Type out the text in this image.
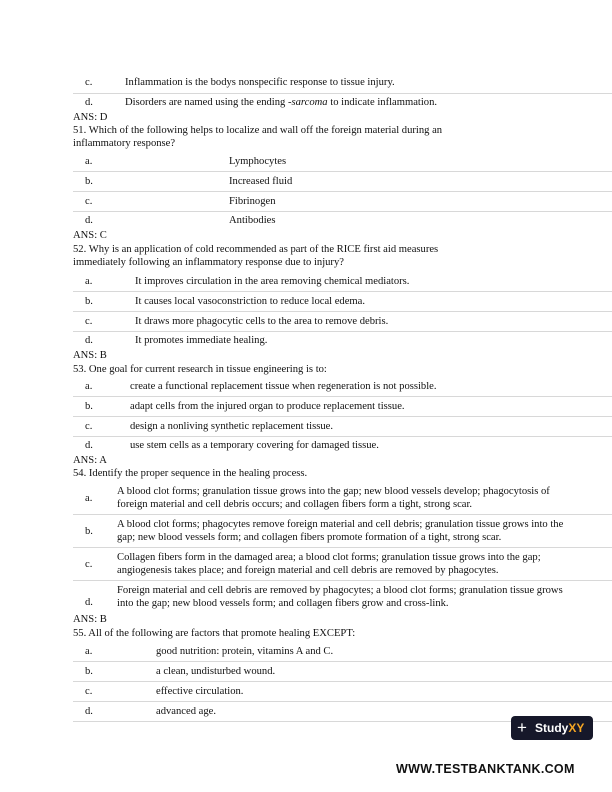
c.	Inflammation is the bodys nonspecific response to tissue injury.
d.	Disorders are named using the ending -sarcoma to indicate inflammation.
ANS: D
51. Which of the following helps to localize and wall off the foreign material during an
inflammatory response?
a.	Lymphocytes
b.	Increased fluid
c.	Fibrinogen
d.	Antibodies
ANS: C
52. Why is an application of cold recommended as part of the RICE first aid measures
immediately following an inflammatory response due to injury?
a.	It improves circulation in the area removing chemical mediators.
b.	It causes local vasoconstriction to reduce local edema.
c.	It draws more phagocytic cells to the area to remove debris.
d.	It promotes immediate healing.
ANS: B
53. One goal for current research in tissue engineering is to:
a.	create a functional replacement tissue when regeneration is not possible.
b.	adapt cells from the injured organ to produce replacement tissue.
c.	design a nonliving synthetic replacement tissue.
d.	use stem cells as a temporary covering for damaged tissue.
ANS: A
54. Identify the proper sequence in the healing process.
a.
A blood clot forms; granulation tissue grows into the gap; new blood vessels develop; phagocytosis of
foreign material and cell debris occurs; and collagen fibers form a tight, strong scar.
b.
A blood clot forms; phagocytes remove foreign material and cell debris; granulation tissue grows into the
gap; new blood vessels form; and collagen fibers promote formation of a tight, strong scar.
c.
Collagen fibers form in the damaged area; a blood clot forms; granulation tissue grows into the gap;
angiogenesis takes place; and foreign material and cell debris are removed by phagocytes.
d.
Foreign material and cell debris are removed by phagocytes; a blood clot forms; granulation tissue grows
into the gap; new blood vessels form; and collagen fibers grow and cross-link.
ANS: B
55. All of the following are factors that promote healing EXCEPT:
a.	good nutrition: protein, vitamins A and C.
b.	a clean, undisturbed wound.
c.	effective circulation.
d.	advanced age.
+ StudyXY
WWW.TESTBANKTANK.COM
